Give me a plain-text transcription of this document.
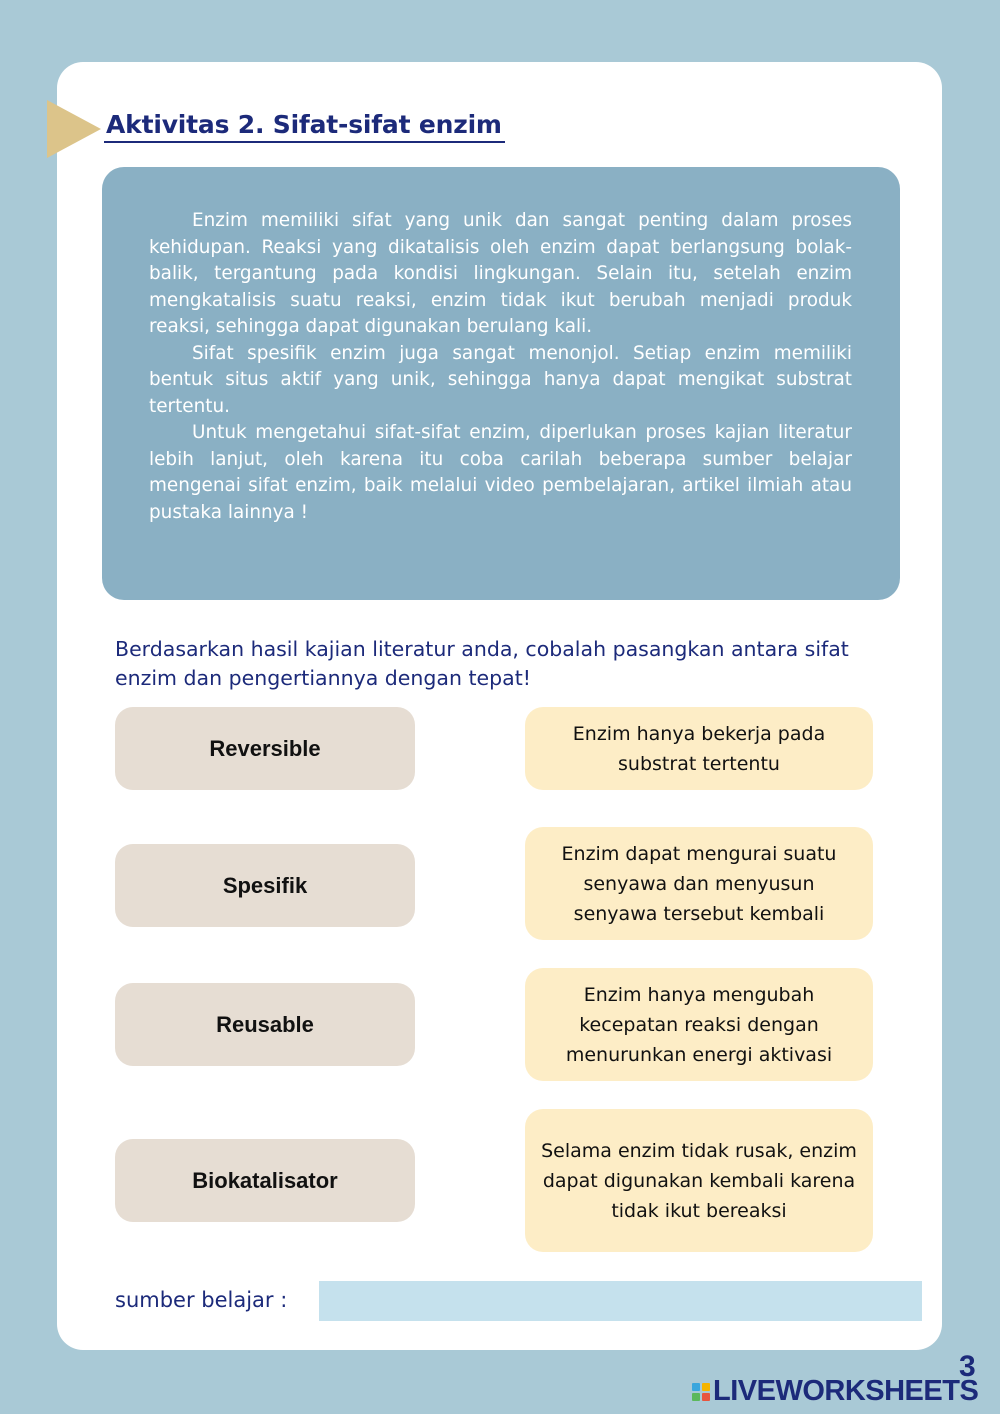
Aktivitas 2. Sifat-sifat enzim

Enzim memiliki sifat yang unik dan sangat penting dalam proses kehidupan. Reaksi yang dikatalisis oleh enzim dapat berlangsung bolak-balik, tergantung pada kondisi lingkungan. Selain itu, setelah enzim mengkatalisis suatu reaksi, enzim tidak ikut berubah menjadi produk reaksi, sehingga dapat digunakan berulang kali.

Sifat spesifik enzim juga sangat menonjol. Setiap enzim memiliki bentuk situs aktif yang unik, sehingga hanya dapat mengikat substrat tertentu.

Untuk mengetahui sifat-sifat enzim, diperlukan proses kajian literatur lebih lanjut, oleh karena itu coba carilah beberapa sumber belajar mengenai sifat enzim, baik melalui video pembelajaran, artikel ilmiah atau pustaka lainnya !

Berdasarkan hasil kajian literatur anda, cobalah pasangkan antara sifat enzim dan pengertiannya dengan tepat!
Reversible
Spesifik
Reusable
Biokatalisator
Enzim hanya bekerja pada substrat tertentu
Enzim dapat mengurai suatu senyawa dan menyusun senyawa tersebut kembali
Enzim hanya mengubah kecepatan reaksi dengan menurunkan energi aktivasi
Selama enzim tidak rusak, enzim dapat digunakan kembali karena tidak ikut bereaksi
sumber belajar :
3
LIVEWORKSHEETS
